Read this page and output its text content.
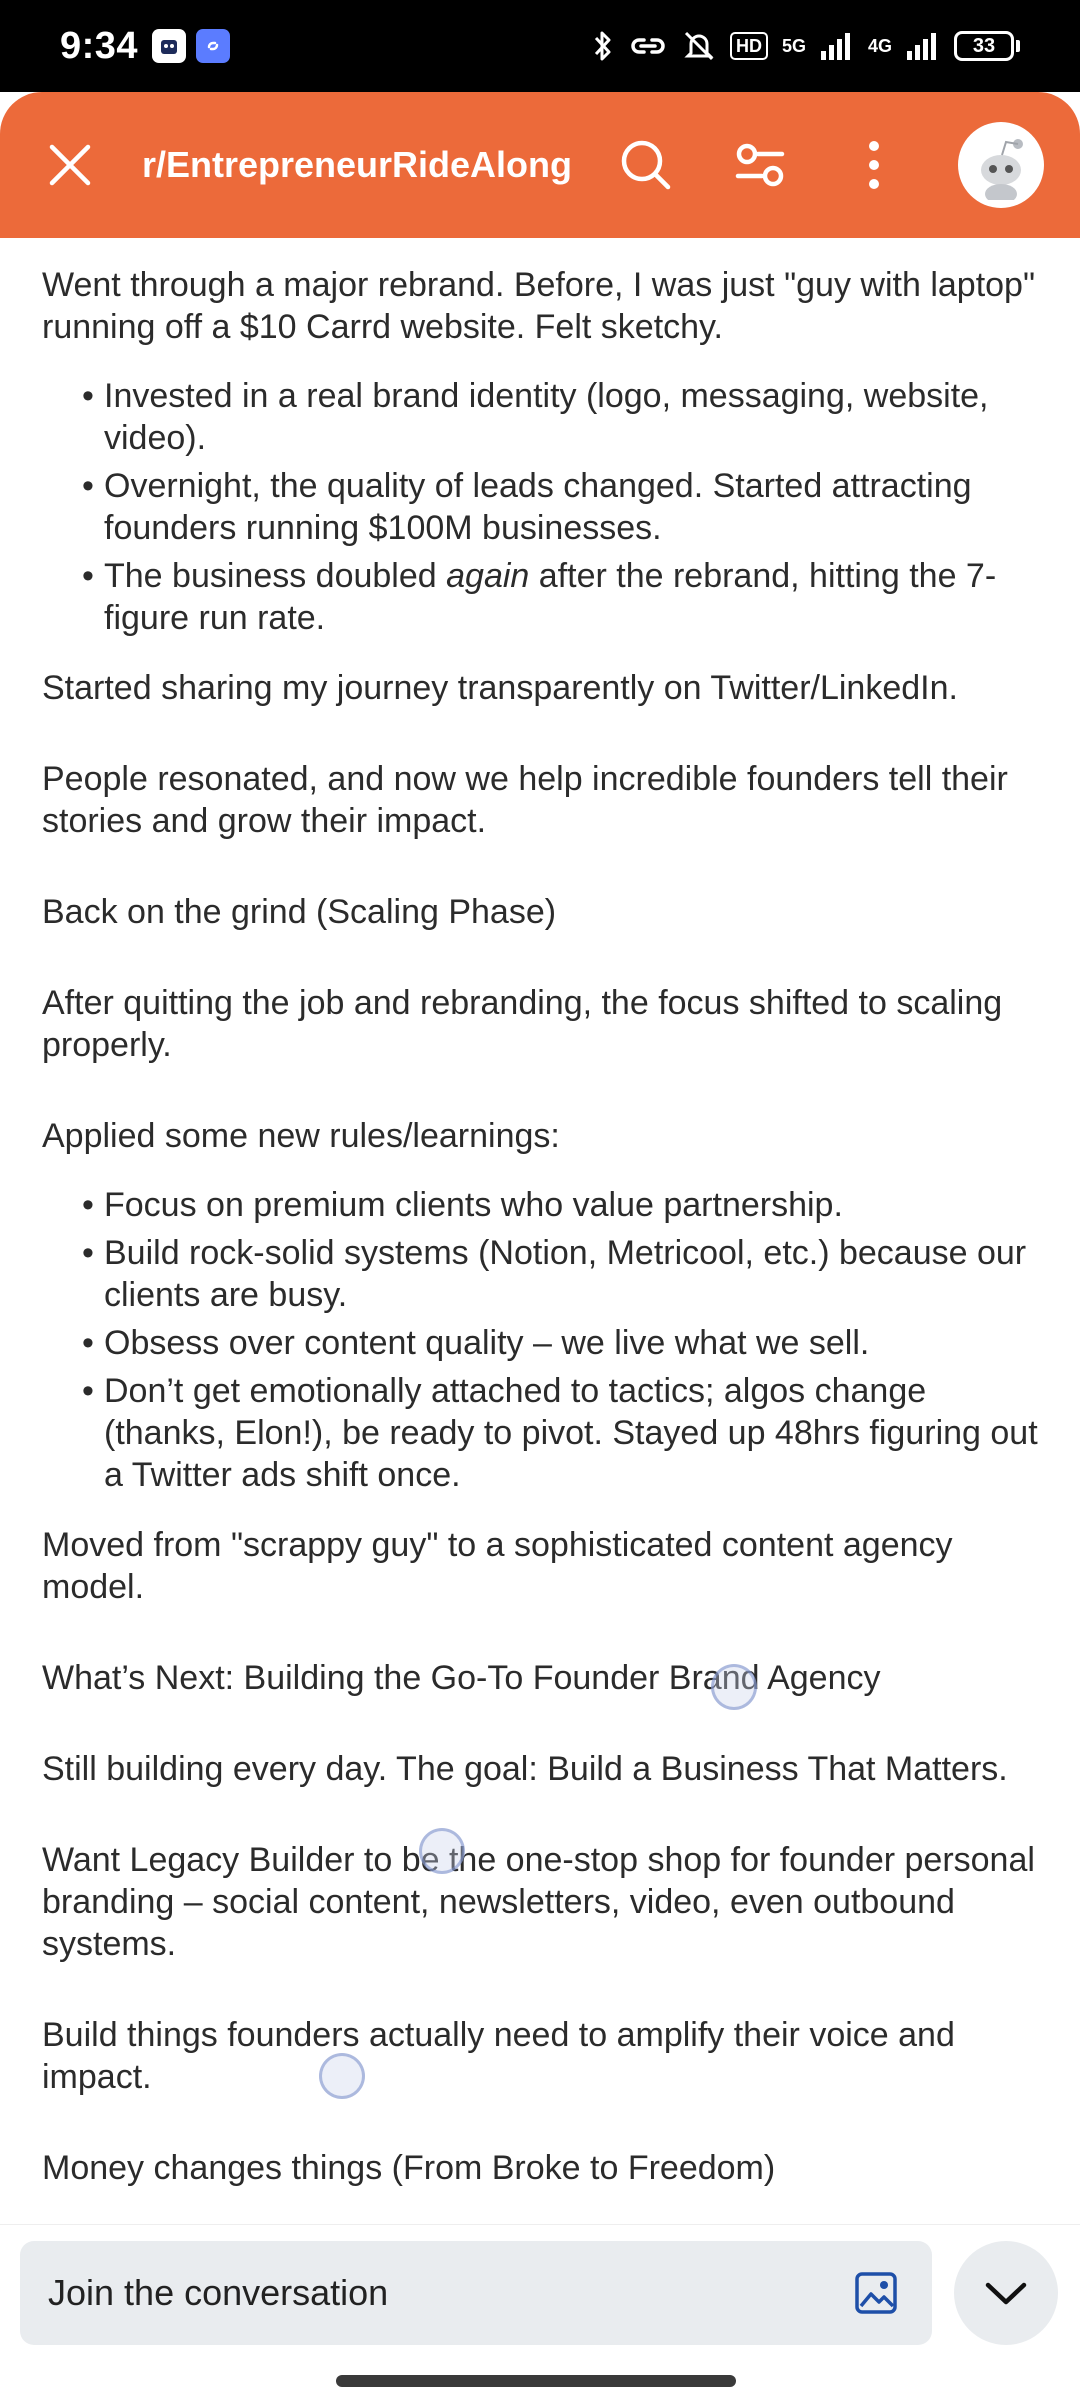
9:34	HD	5G	4G	33
r/EntrepreneurRideAlong

Went through a major rebrand. Before, I was just "guy with laptop" running off a $10 Carrd website. Felt sketchy.

• Invested in a real brand identity (logo, messaging, website, video).
• Overnight, the quality of leads changed. Started attracting founders running $100M businesses.
• The business doubled again after the rebrand, hitting the 7-figure run rate.

Started sharing my journey transparently on Twitter/LinkedIn.

People resonated, and now we help incredible founders tell their stories and grow their impact.

Back on the grind (Scaling Phase)

After quitting the job and rebranding, the focus shifted to scaling properly.

Applied some new rules/learnings:

• Focus on premium clients who value partnership.
• Build rock-solid systems (Notion, Metricool, etc.) because our clients are busy.
• Obsess over content quality – we live what we sell.
• Don’t get emotionally attached to tactics; algos change (thanks, Elon!), be ready to pivot. Stayed up 48hrs figuring out a Twitter ads shift once.

Moved from "scrappy guy" to a sophisticated content agency model.

What’s Next: Building the Go-To Founder Brand Agency

Still building every day. The goal: Build a Business That Matters.

Want Legacy Builder to be the one-stop shop for founder personal branding – social content, newsletters, video, even outbound systems.

Build things founders actually need to amplify their voice and impact.

Money changes things (From Broke to Freedom)

Join the conversation
